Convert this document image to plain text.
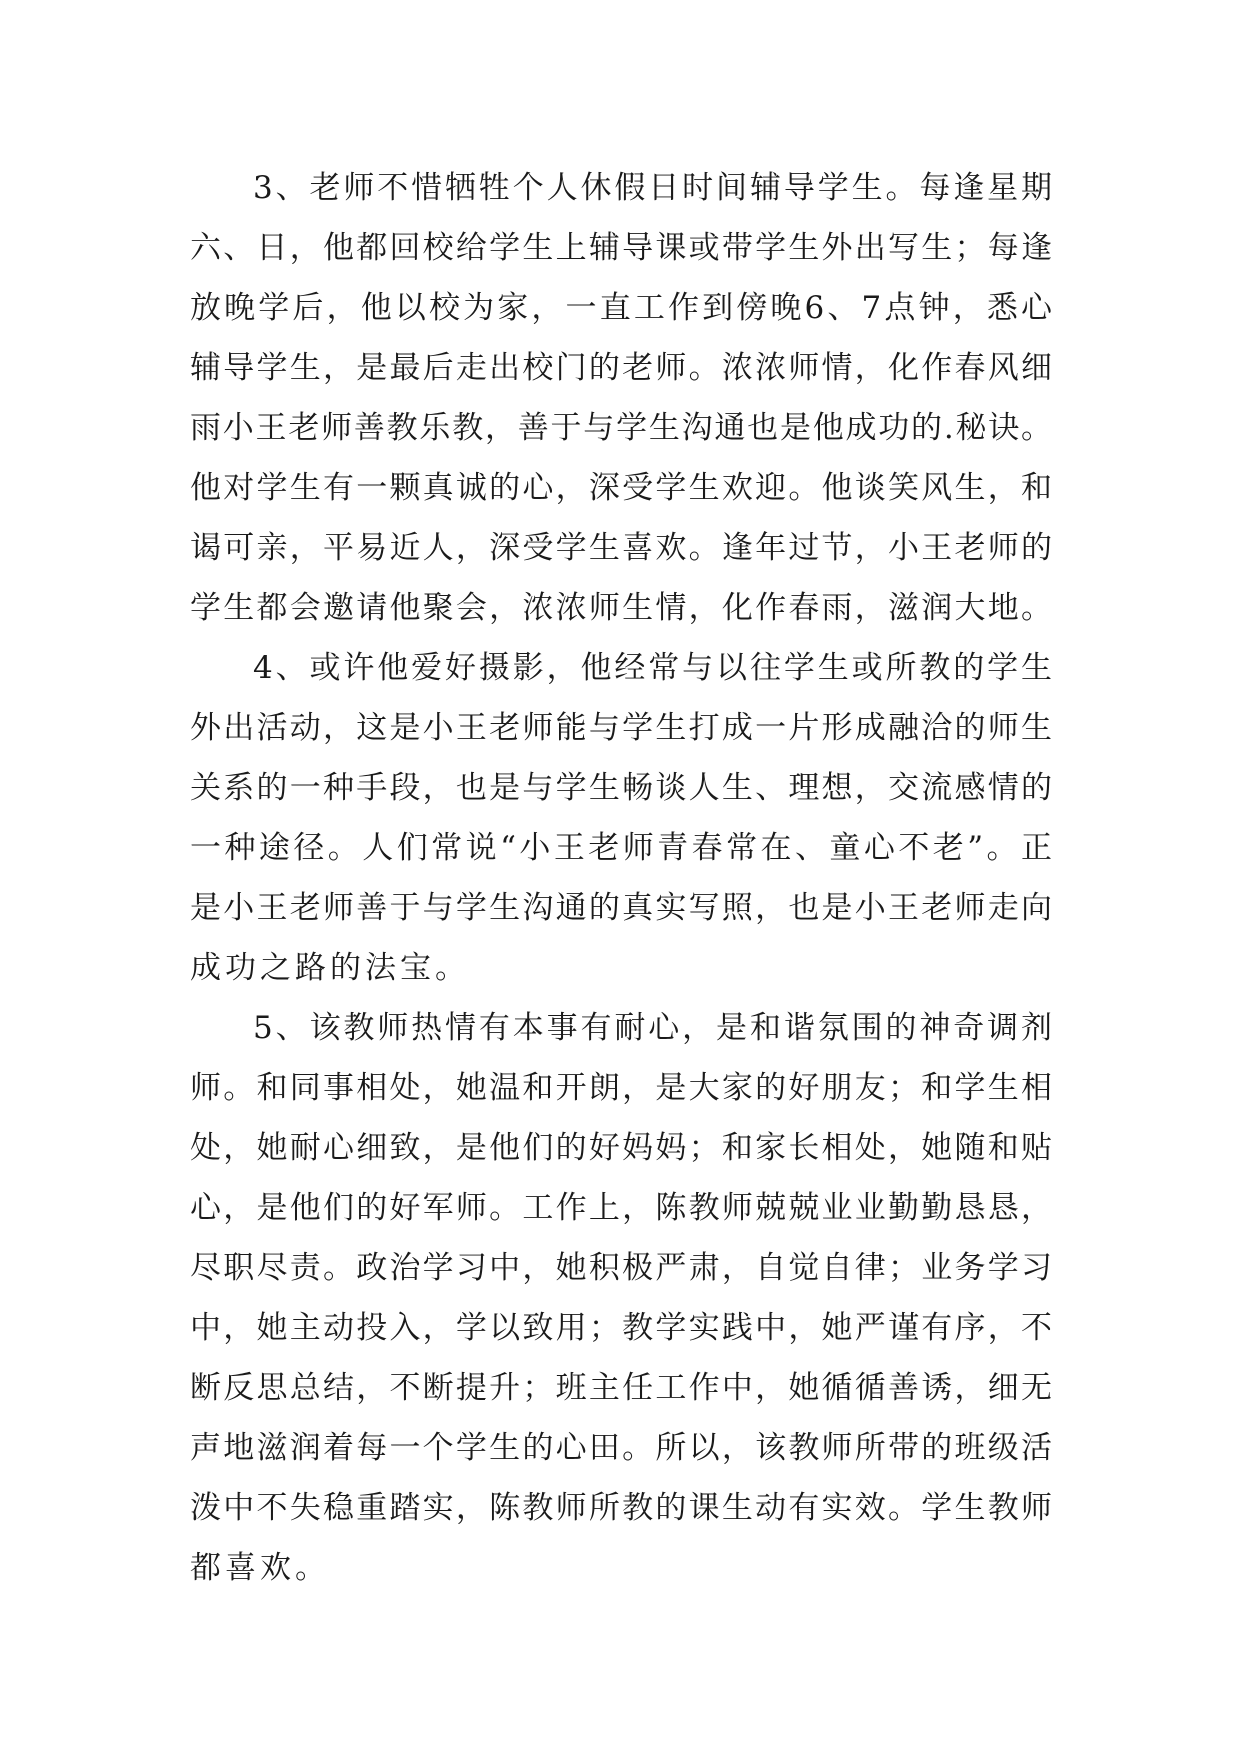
3、老师不惜牺牲个人休假日时间辅导学生。每逢星期
六、日，他都回校给学生上辅导课或带学生外出写生；每逢
放晚学后，他以校为家，一直工作到傍晚6、7点钟，悉心
辅导学生，是最后走出校门的老师。浓浓师情，化作春风细
雨小王老师善教乐教，善于与学生沟通也是他成功的.秘诀。
他对学生有一颗真诚的心，深受学生欢迎。他谈笑风生，和
谒可亲，平易近人，深受学生喜欢。逢年过节，小王老师的
学生都会邀请他聚会，浓浓师生情，化作春雨，滋润大地。
4、或许他爱好摄影，他经常与以往学生或所教的学生
外出活动，这是小王老师能与学生打成一片形成融洽的师生
关系的一种手段，也是与学生畅谈人生、理想，交流感情的
一种途径。人们常说“小王老师青春常在、童心不老”。正
是小王老师善于与学生沟通的真实写照，也是小王老师走向
成功之路的法宝。
5、该教师热情有本事有耐心，是和谐氛围的神奇调剂
师。和同事相处，她温和开朗，是大家的好朋友；和学生相
处，她耐心细致，是他们的好妈妈；和家长相处，她随和贴
心，是他们的好军师。工作上，陈教师兢兢业业勤勤恳恳，
尽职尽责。政治学习中，她积极严肃，自觉自律；业务学习
中，她主动投入，学以致用；教学实践中，她严谨有序，不
断反思总结，不断提升；班主任工作中，她循循善诱，细无
声地滋润着每一个学生的心田。所以，该教师所带的班级活
泼中不失稳重踏实，陈教师所教的课生动有实效。学生教师
都喜欢。
